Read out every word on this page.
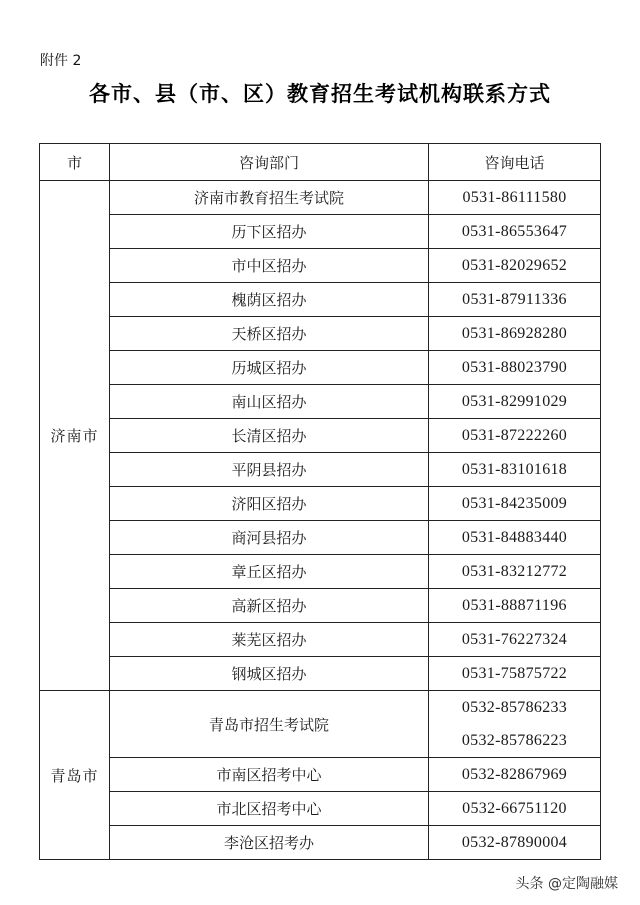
附件 2
各市、县（市、区）教育招生考试机构联系方式
市	咨询部门	咨询电话
济南市	济南市教育招生考试院	0531-86111580
	历下区招办	0531-86553647
	市中区招办	0531-82029652
	槐荫区招办	0531-87911336
	天桥区招办	0531-86928280
	历城区招办	0531-88023790
	南山区招办	0531-82991029
	长清区招办	0531-87222260
	平阴县招办	0531-83101618
	济阳区招办	0531-84235009
	商河县招办	0531-84883440
	章丘区招办	0531-83212772
	高新区招办	0531-88871196
	莱芜区招办	0531-76227324
	钢城区招办	0531-75875722
青岛市	青岛市招生考试院	0532-85786233
0532-85786223

	市南区招考中心	0532-82867969
	市北区招考中心	0532-66751120
	李沧区招考办	0532-87890004
头条 @定陶融媒
